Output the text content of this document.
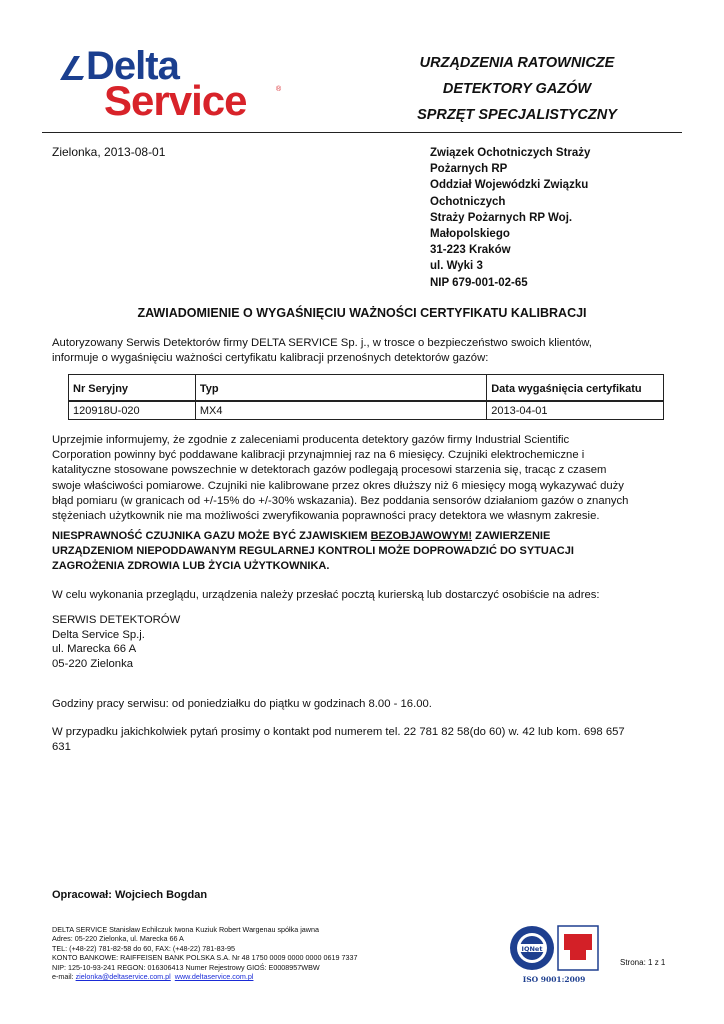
Delta
Service	®
URZĄDZENIA RATOWNICZE
DETEKTORY GAZÓW
SPRZĘT SPECJALISTYCZNY
Zielonka, 2013-08-01	Związek Ochotniczych Straży
Pożarnych RP
Oddział Wojewódzki Związku
Ochotniczych
Straży Pożarnych RP Woj.
Małopolskiego
31-223 Kraków
ul. Wyki 3
NIP 679-001-02-65
ZAWIADOMIENIE O WYGAŚNIĘCIU WAŻNOŚCI CERTYFIKATU KALIBRACJI
Autoryzowany Serwis Detektorów firmy DELTA SERVICE Sp. j., w trosce o bezpieczeństwo swoich klientów,
informuje o wygaśnięciu ważności certyfikatu kalibracji przenośnych detektorów gazów:
Nr Seryjny	Typ	Data wygaśnięcia certyfikatu
120918U-020	MX4	2013-04-01
Uprzejmie informujemy, że zgodnie z zaleceniami producenta detektory gazów firmy Industrial Scientific
Corporation powinny być poddawane kalibracji przynajmniej raz na 6 miesięcy. Czujniki elektrochemiczne i
katalityczne stosowane powszechnie w detektorach gazów podlegają procesowi starzenia się, tracąc z czasem
swoje właściwości pomiarowe. Czujniki nie kalibrowane przez okres dłuższy niż 6 miesięcy mogą wykazywać duży
błąd pomiaru (w granicach od +/-15% do +/-30% wskazania). Bez poddania sensorów działaniom gazów o znanych
stężeniach użytkownik nie ma możliwości zweryfikowania poprawności pracy detektora we własnym zakresie.
NIESPRAWNOŚĆ CZUJNIKA GAZU MOŻE BYĆ ZJAWISKIEM BEZOBJAWOWYM! ZAWIERZENIE
URZĄDZENIOM NIEPODDAWANYM REGULARNEJ KONTROLI MOŻE DOPROWADZIĆ DO SYTUACJI
ZAGROŻENIA ZDROWIA LUB ŻYCIA UŻYTKOWNIKA.
W celu wykonania przeglądu, urządzenia należy przesłać pocztą kurierską lub dostarczyć osobiście na adres:
SERWIS DETEKTORÓW
Delta Service Sp.j.
ul. Marecka 66 A
05-220 Zielonka
Godziny pracy serwisu: od poniedziałku do piątku w godzinach 8.00 - 16.00.
W przypadku jakichkolwiek pytań prosimy o kontakt pod numerem tel. 22 781 82 58(do 60) w. 42 lub kom. 698 657
631
Opracował: Wojciech Bogdan
DELTA SERVICE Stanisław Echilczuk Iwona Kuziuk Robert Wargenau spółka jawna
Adres: 05-220 Zielonka, ul. Marecka 66 A
TEL: (+48-22) 781-82-58 do 60, FAX: (+48-22) 781-83-95
KONTO BANKOWE: RAIFFEISEN BANK POLSKA S.A. Nr 48 1750 0009 0000 0000 0619 7337
NIP: 125-10-93-241 REGON: 016306413 Numer Rejestrowy GIOŚ: E0008957WBW
e-mail: zielonka@deltaservice.com.pl www.deltaservice.com.pl
IQNet
ISO 9001:2009
Strona: 1 z 1
